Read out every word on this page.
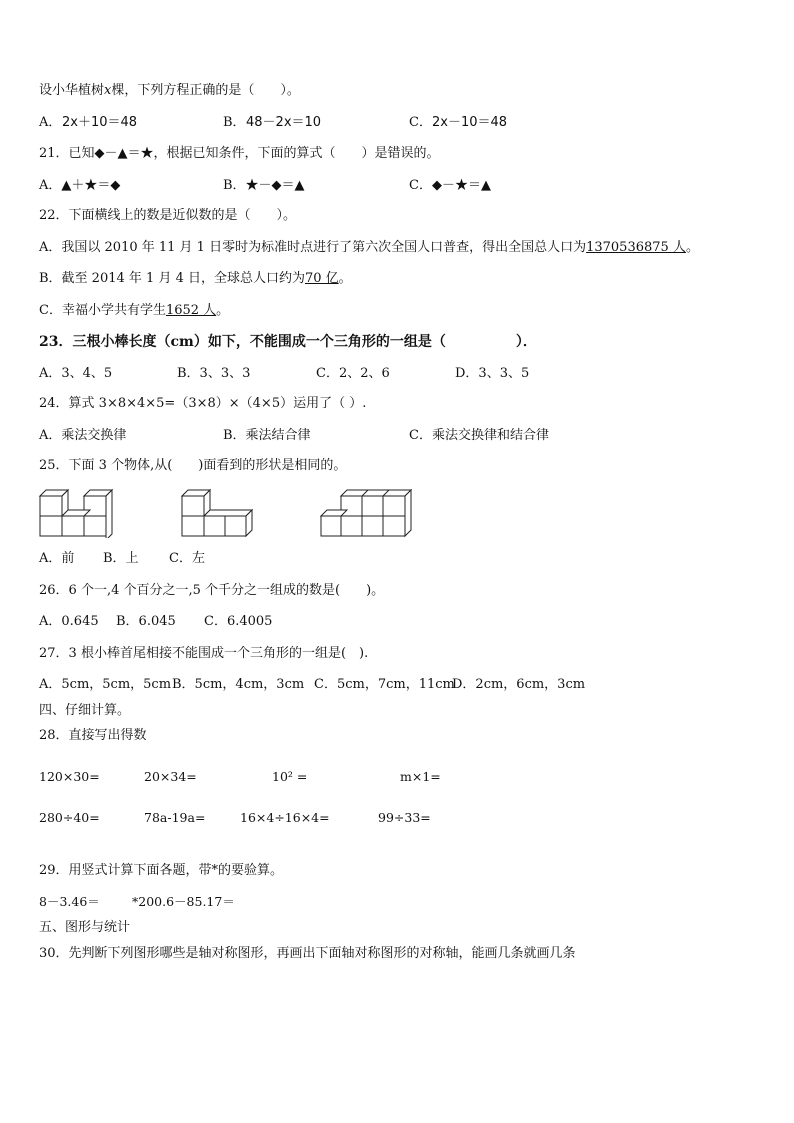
设小华植树x棵，下列方程正确的是（　　）。
A． 2x＋10＝48	B． 48－2x＝10	C． 2x－10＝48
21．已知◆－▲＝★，根据已知条件，下面的算式（　　）是错误的。
A．▲＋★＝◆	B．★－◆＝▲	C．◆－★＝▲
22．下面横线上的数是近似数的是（　　）。
A．我国以 2010 年 11 月 1 日零时为标准时点进行了第六次全国人口普查，得出全国总人口为1370536875 人。
B．截至 2014 年 1 月 4 日，全球总人口约为70 亿。
C．幸福小学共有学生1652 人。
23．三根小棒长度（cm）如下，不能围成一个三角形的一组是（　　　　　）．
A．3、4、5	B．3、3、3	C．2、2、6	D．3、3、5
24．算式 3×8×4×5=（3×8）×（4×5）运用了（ ）.
A．乘法交换律	B．乘法结合律	C．乘法交换律和结合律
25．下面 3 个物体,从(　　)面看到的形状是相同的。
A．前 B．上 C．左
26．6 个一,4 个百分之一,5 个千分之一组成的数是(　　)。
A．0.645 B．6.045 C．6.4005
27．3 根小棒首尾相接不能围成一个三角形的一组是(　).
A．5cm，5cm，5cm B．5cm，4cm，3cm C．5cm，7cm，11cm
D．2cm，6cm，3cm
四、仔细计算。
28．直接写出得数
120×30=	20×34=	10² =	m×1=
280÷40=	78a-19a=	16×4÷16×4=	99÷33=
29．用竖式计算下面各题，带*的要验算。
8－3.46＝	*200.6－85.17＝
五、图形与统计
30．先判断下列图形哪些是轴对称图形，再画出下面轴对称图形的对称轴，能画几条就画几条
